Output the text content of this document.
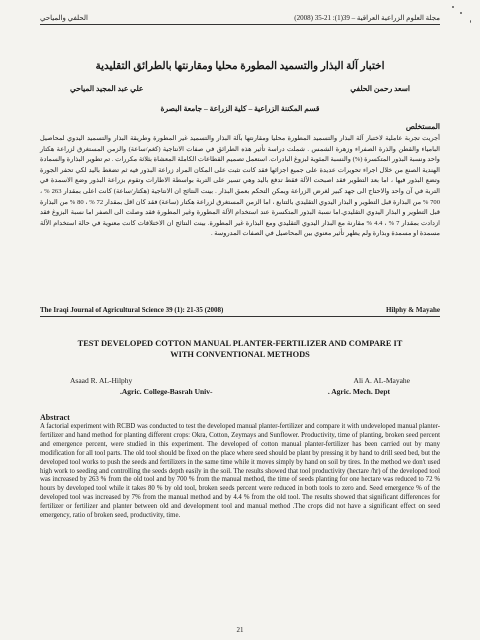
مجلة العلوم الزراعية العراقية – 39(1): 21-35 (2008)
الحلفي والمياحي
اختبار آلة البذار والتسميد المطورة محليا ومقارنتها بالطرائق التقليدية
اسعد رحمن الحلفي
علي عبد المجيد المياحي
قسم المكننة الزراعية – كلية الزراعة – جامعة البصرة
المستخلص
أجريت تجربة عاملية لاختبار آلة البذار والتسميد المطورة محليا ومقارنتها بآلة البذار والتسميد غير المطورة وطريقة البذار والتسميد اليدوي لمحاصيل البامياء والقطن والذرة الصفراء وزهرة الشمس . شملت دراسة تأثير هذه الطرائق في صفات الانتاجية (كغم/ساعة) والزمن المستغرق لزراعة هكتار واحد ونسبة البذور المتكسرة (%) والنسبة المئوية لبزوغ البادرات. استعمل تصميم القطاعات الكاملة المعشاة بثلاثة مكررات . تم تطوير البذارة والسمادة الهندية الصنع من خلال اجراء تحويرات عديدة على جميع اجزائها فقد كانت تثبت على المكان المراد زراعة البذور فيه ثم تضغط باليد لكي تحفر الجورة وتضع البذور فيها ، اما بعد التطوير فقد اصبحت الآلة فقط تدفع باليد وهي تسير على التربة بواسطة الاطارات وتقوم بزراعة البذور وضع الاسمدة في التربة في آن واحد والاحتاج الى جهد كبير لغرض الزراعة ويمكن التحكم بعمق البذار . بينت النتائج ان الانتاجية (هكتار/ساعة) كانت اعلى بمقدار 263 % ، 700 % من البذارة قبل التطوير و البذار اليدوي التقليدي بالتتابع ، اما الزمن المستغرق لزراعة هكتار (ساعة) فقد كان اقل بمقدار 72 % ، 80 % من البذارة قبل التطوير و البذار اليدوي التقليدي.اما نسبة البذور المتكسرة عند استخدام الآلة المطورة وغير المطورة فقد وصلت الى الصفر اما نسبة البزوغ فقد ازدادت بمقدار 7 % ، 4.4 % مقارنة مع البذار اليدوي التقليدي ومع البذارة غير المطورة. بينت النتائج ان الاختلافات كانت معنوية في حالة استخدام الآلة مسمدة او مسمدة وبذارة ولم يظهر تأثير معنوي بين المحاصيل في الصفات المدروسة .
The Iraqi Journal of Agricultural Science 39 (1): 21-35 (2008)	Hilphy & Mayahe
TEST DEVELOPED COTTON MANUAL PLANTER-FERTILIZER AND COMPARE IT
WITH CONVENTIONAL METHODS
Asaad R. AL-Hilphy	Ali A. AL-Mayahe
.Agric. College-Basrah Univ-	. Agric. Mech. Dept
Abstract
A factorial experiment with RCBD was conducted to test the developed manual planter-fertilizer and compare it with undeveloped manual planter-fertilizer and hand method for planting different crops: Okra, Cotton, Zeymays and Sunflower. Productivity, time of planting, broken seed percent and emergence percent, were studied in this experiment. The developed of cotton manual planter-fertilizer has been carried out by many modification for all tool parts. The old tool should be fixed on the place where seed should be plant by pressing it by hand to drill seed bed, but the developed tool works to push the seeds and fertilizers in the same time while it moves simply by hand on soil by tires. In the method we don't used high work to seeding and controlling the seeds depth easily in the soil. The results showed that tool productivity (hectare /hr) of the developed tool was increased by 263 % from the old tool and by 700 % from the manual method, the time of seeds planting for one hectare was reduced to 72 % hours by developed tool while it takes 80 % by old tool, broken seeds percent were reduced in both tools to zero and. Seed emergence % of the developed tool was increased by 7% from the manual method and by 4.4 % from the old tool. The results showed that significant differences for fertilizer or fertilizer and planter between old and development tool and manual method .The crops did not have a significant effect on seed emergency, ratio of broken seed, productivity, time.
21
